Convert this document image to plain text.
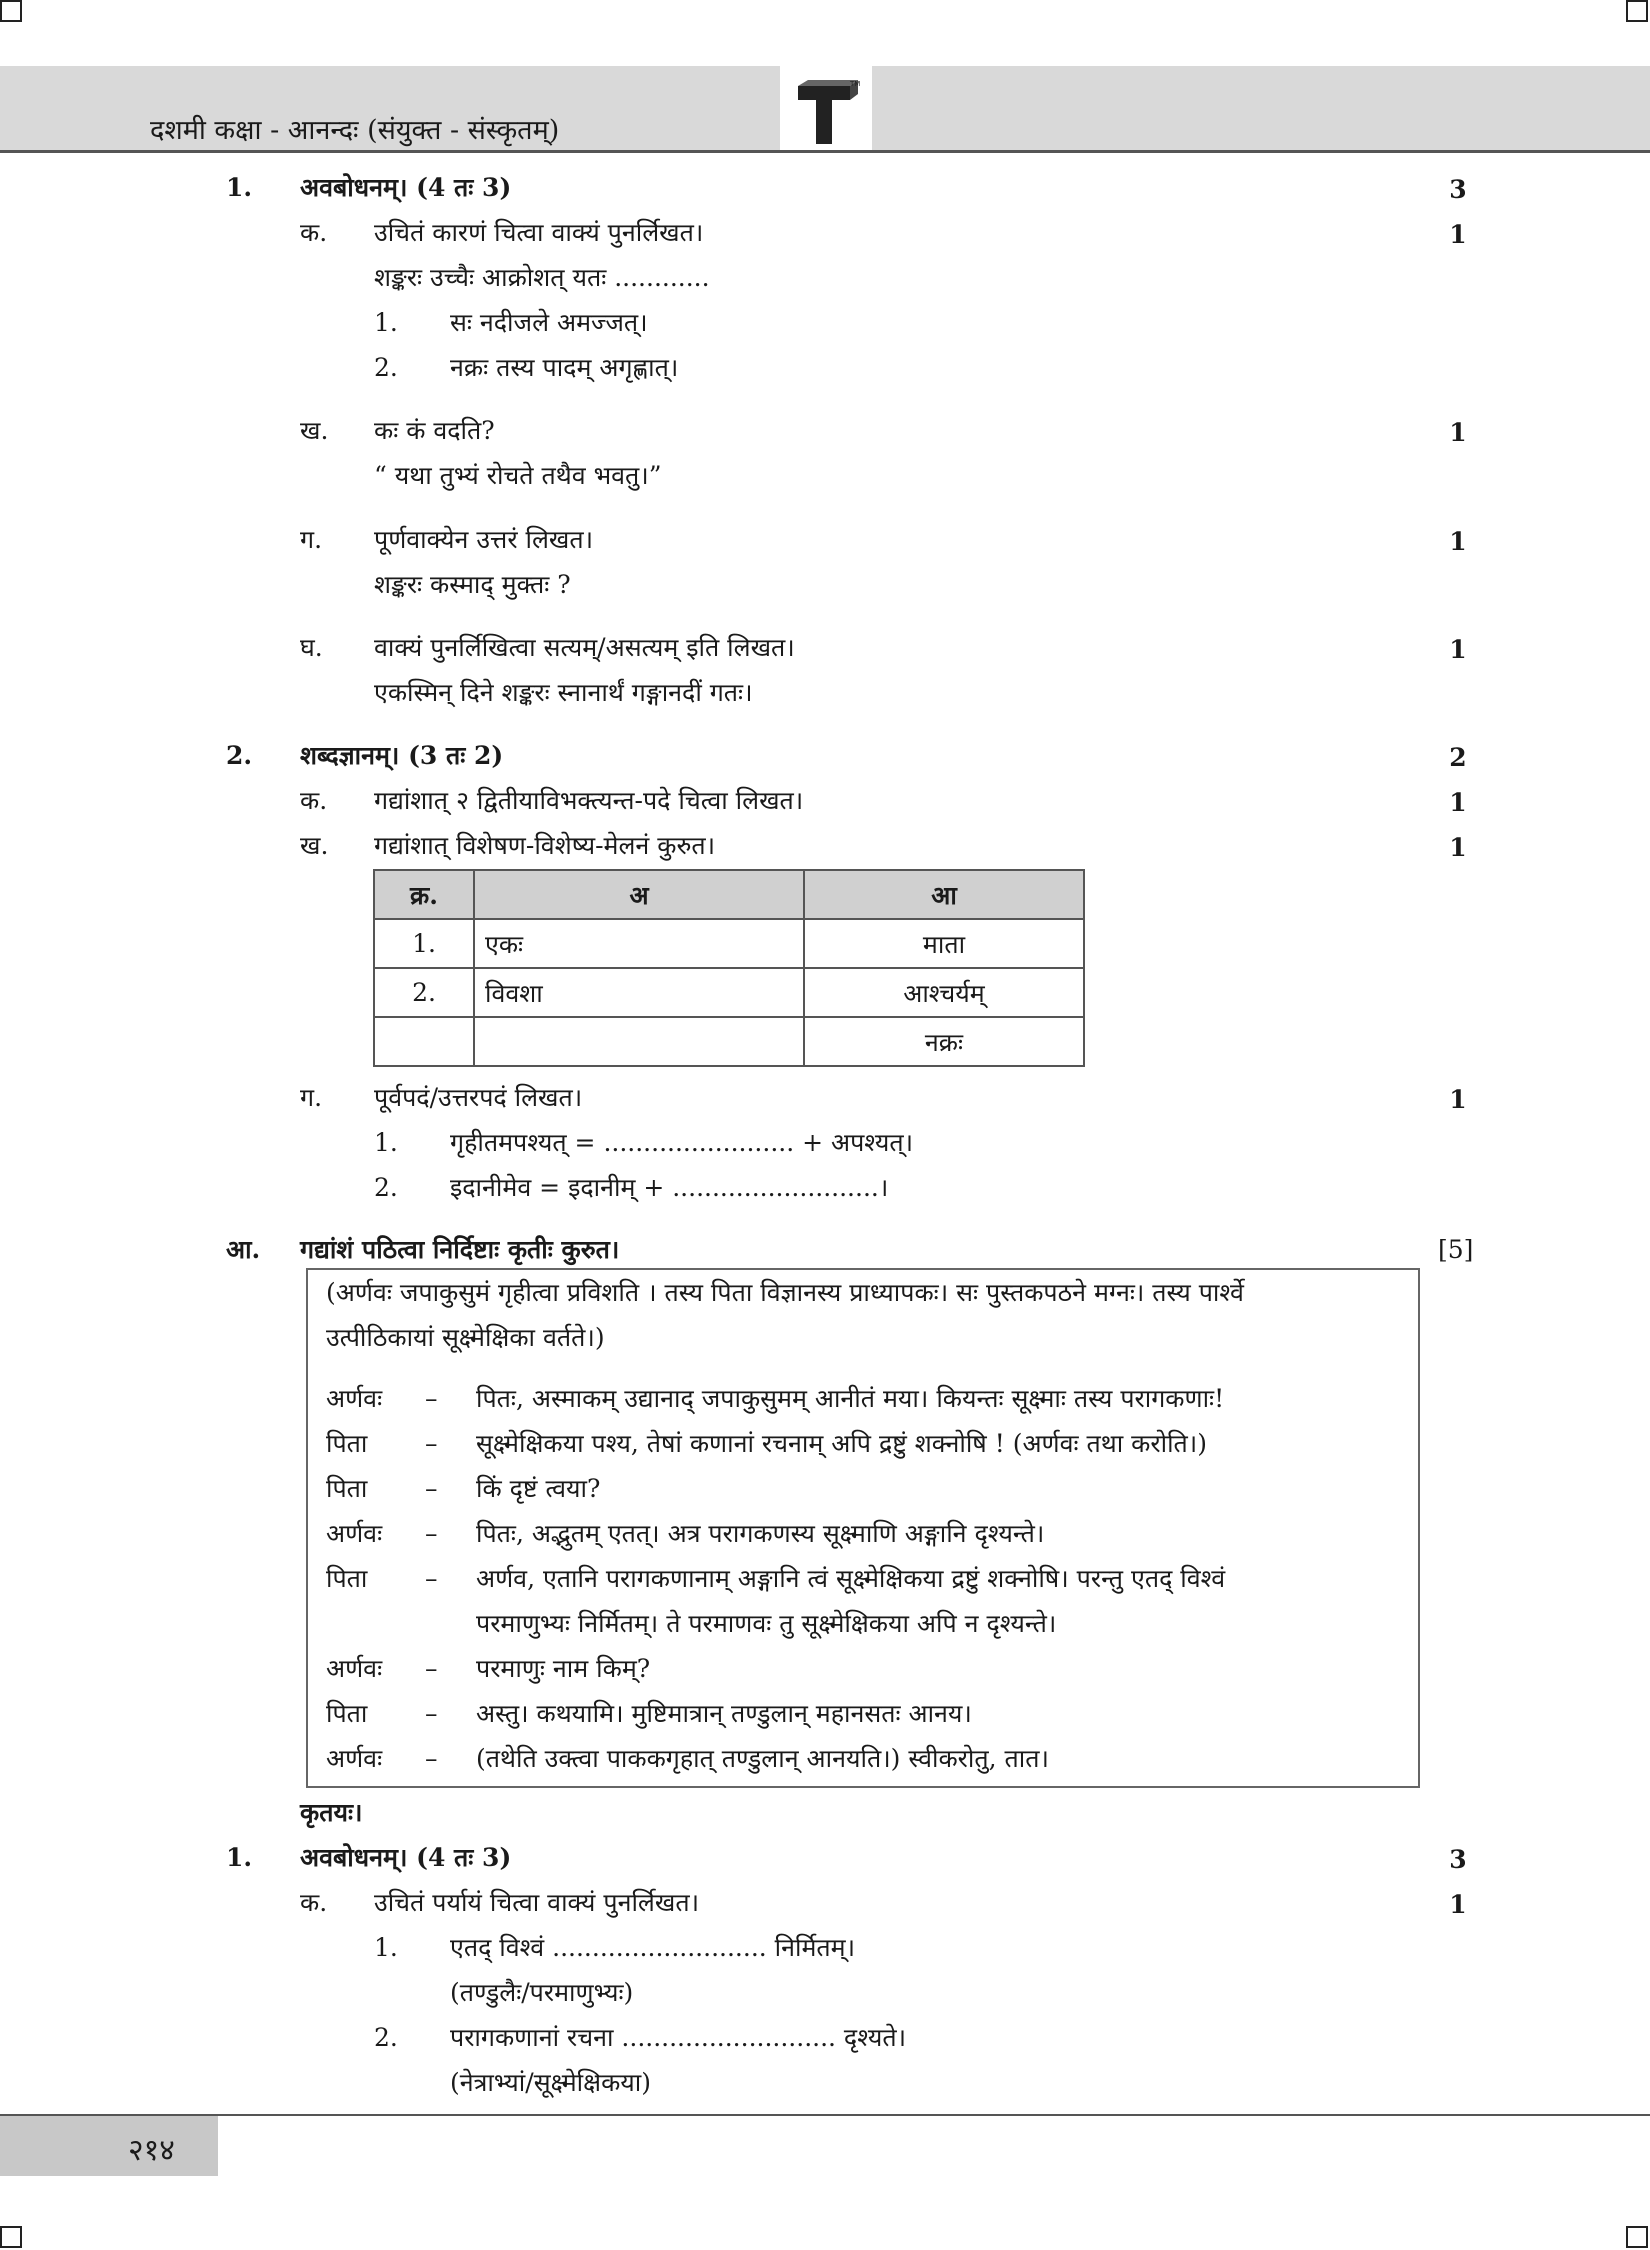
दशमी कक्षा - आनन्दः (संयुक्त - संस्कृतम्)
TM
1. अवबोधनम्। (4 तः 3)	3
क. उचितं कारणं चित्वा वाक्यं पुनर्लिखत।	1
शङ्करः उच्चैः आक्रोशत् यतः ............
1. सः नदीजले अमज्जत्।
2. नक्रः तस्य पादम् अगृह्णात्।
ख. कः कं वदति?	1
“ यथा तुभ्यं रोचते तथैव भवतु।”
ग. पूर्णवाक्येन उत्तरं लिखत।	1
शङ्करः कस्माद् मुक्तः ?
घ. वाक्यं पुनर्लिखित्वा सत्यम्/असत्यम् इति लिखत।	1
एकस्मिन् दिने शङ्करः स्नानार्थं गङ्गानदीं गतः।
2. शब्दज्ञानम्। (3 तः 2)	2
क. गद्यांशात् २ द्वितीयाविभक्त्यन्त-पदे चित्वा लिखत।	1
ख. गद्यांशात् विशेषण-विशेष्य-मेलनं कुरुत।	1
क्र.	अ	आ
1.	एकः	माता
2.	विवशा	आश्चर्यम्
		नक्रः
ग. पूर्वपदं/उत्तरपदं लिखत।	1
1. गृहीतमपश्यत् = ........................ + अपश्यत्।
2. इदानीमेव = इदानीम् + ..........................।
आ. गद्यांशं पठित्वा निर्दिष्टाः कृतीः कुरुत।	[5]
(अर्णवः जपाकुसुमं गृहीत्वा प्रविशति । तस्य पिता विज्ञानस्य प्राध्यापकः। सः पुस्तकपठने मग्नः। तस्य पार्श्वे
उत्पीठिकायां सूक्ष्मेक्षिका वर्तते।)
अर्णवः – पितः, अस्माकम् उद्यानाद् जपाकुसुमम् आनीतं मया। कियन्तः सूक्ष्माः तस्य परागकणाः!
पिता – सूक्ष्मेक्षिकया पश्य, तेषां कणानां रचनाम् अपि द्रष्टुं शक्नोषि ! (अर्णवः तथा करोति।)
पिता – किं दृष्टं त्वया?
अर्णवः – पितः, अद्भुतम् एतत्। अत्र परागकणस्य सूक्ष्माणि अङ्गानि दृश्यन्ते।
पिता – अर्णव, एतानि परागकणानाम् अङ्गानि त्वं सूक्ष्मेक्षिकया द्रष्टुं शक्नोषि। परन्तु एतद् विश्वं
परमाणुभ्यः निर्मितम्। ते परमाणवः तु सूक्ष्मेक्षिकया अपि न दृश्यन्ते।
अर्णवः – परमाणुः नाम किम्?
पिता – अस्तु। कथयामि। मुष्टिमात्रान् तण्डुलान् महानसतः आनय।
अर्णवः – (तथेति उक्त्वा पाककगृहात् तण्डुलान् आनयति।) स्वीकरोतु, तात।
कृतयः।
1. अवबोधनम्। (4 तः 3)	3
क. उचितं पर्यायं चित्वा वाक्यं पुनर्लिखत।	1
1. एतद् विश्वं ........................... निर्मितम्।
(तण्डुलैः/परमाणुभ्यः)
2. परागकणानां रचना ........................... दृश्यते।
(नेत्राभ्यां/सूक्ष्मेक्षिकया)
२१४
